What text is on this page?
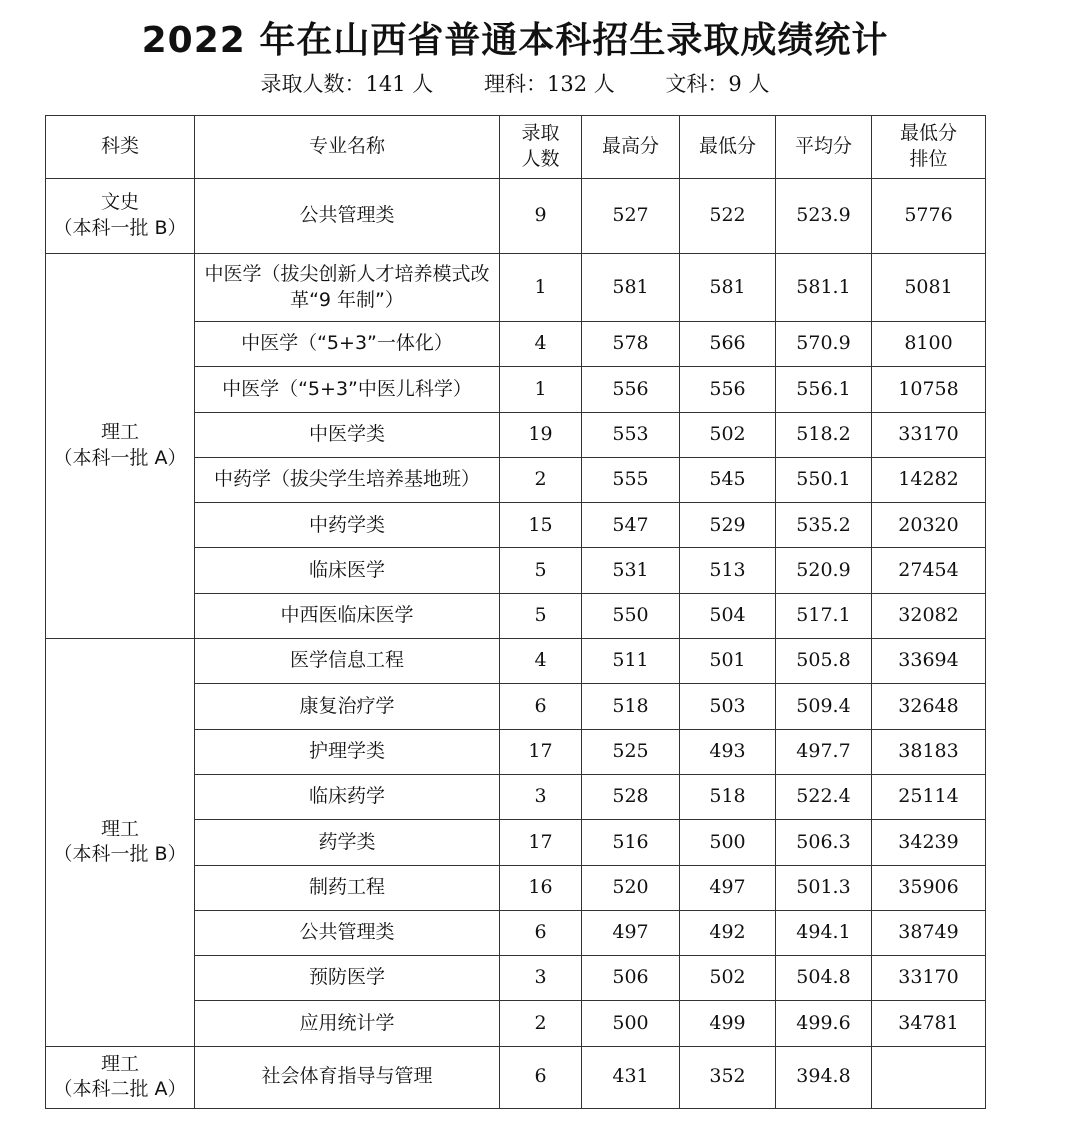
2022 年在山西省普通本科招生录取成绩统计
录取人数：141 人 理科：132 人 文科：9 人
科类	专业名称	录取人数	最高分	最低分	平均分	最低分排位

文史
（本科一批 B）	公共管理类	9	527	522	523.9	5776

理工
（本科一批 A）	中医学（拔尖创新人才培养模式改革“9 年制”）	1	581	581	581.1	5081
	中医学（“5+3”一体化）	4	578	566	570.9	8100
	中医学（“5+3”中医儿科学）	1	556	556	556.1	10758
	中医学类	19	553	502	518.2	33170
	中药学（拔尖学生培养基地班）	2	555	545	550.1	14282
	中药学类	15	547	529	535.2	20320
	临床医学	5	531	513	520.9	27454
	中西医临床医学	5	550	504	517.1	32082

理工
（本科一批 B）	医学信息工程	4	511	501	505.8	33694
	康复治疗学	6	518	503	509.4	32648
	护理学类	17	525	493	497.7	38183
	临床药学	3	528	518	522.4	25114
	药学类	17	516	500	506.3	34239
	制药工程	16	520	497	501.3	35906
	公共管理类	6	497	492	494.1	38749
	预防医学	3	506	502	504.8	33170
	应用统计学	2	500	499	499.6	34781

理工
（本科二批 A）	社会体育指导与管理	6	431	352	394.8	
